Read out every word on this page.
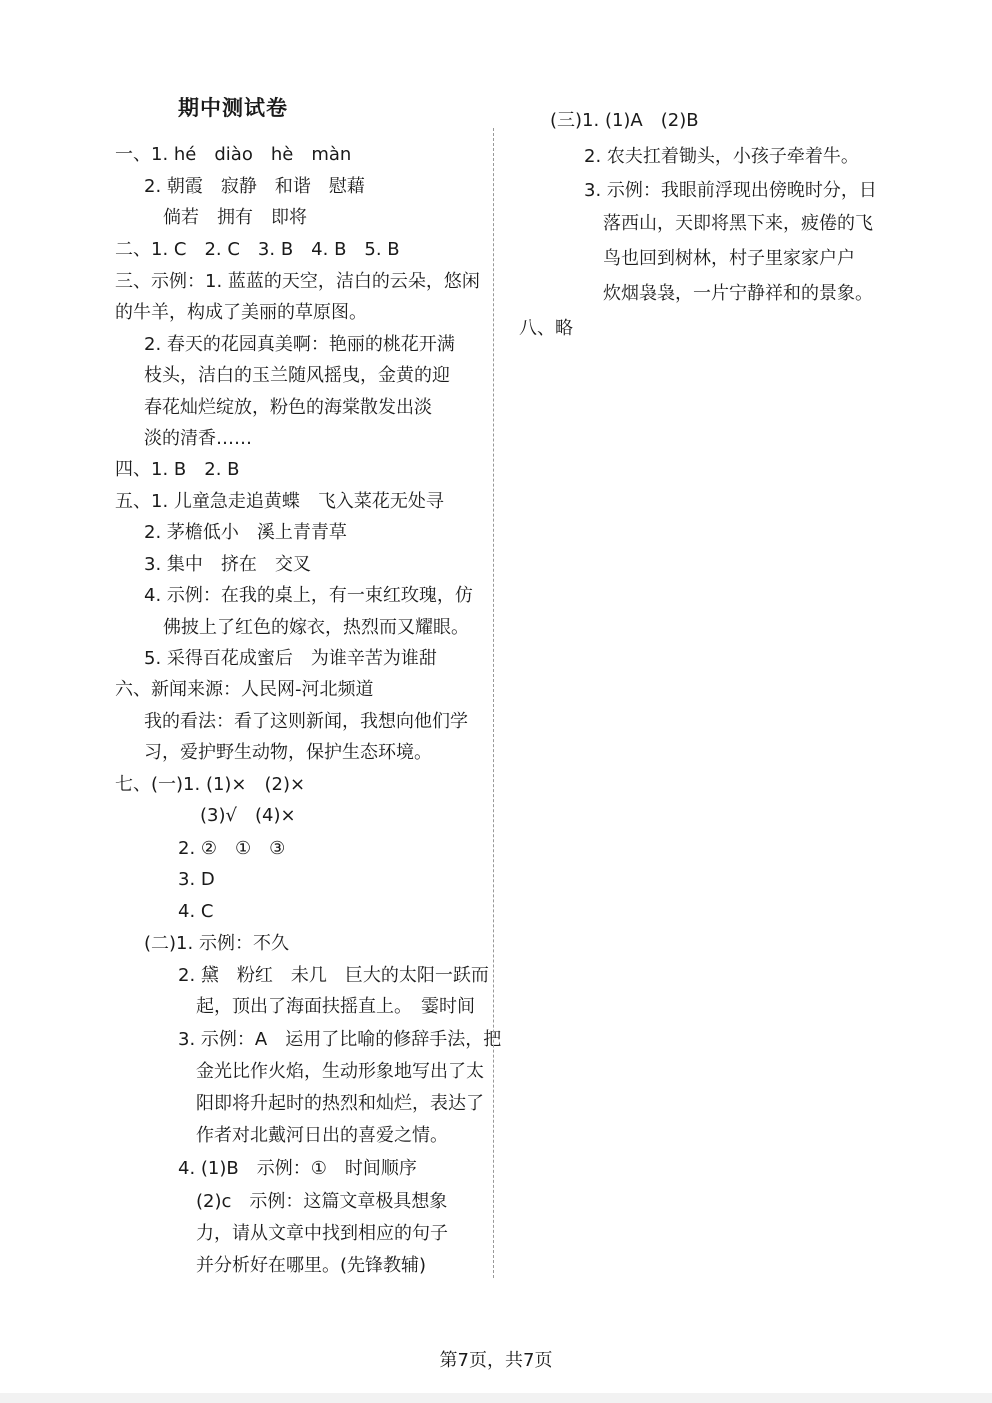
期中测试卷
一、1. hé　diào　hè　màn
2. 朝霞　寂静　和谐　慰藉
倘若　拥有　即将
二、1. C　2. C　3. B　4. B　5. B
三、示例：1. 蓝蓝的天空，洁白的云朵，悠闲
的牛羊，构成了美丽的草原图。
2. 春天的花园真美啊：艳丽的桃花开满
枝头，洁白的玉兰随风摇曳，金黄的迎
春花灿烂绽放，粉色的海棠散发出淡
淡的清香……
四、1. B　2. B
五、1. 儿童急走追黄蝶　飞入菜花无处寻
2. 茅檐低小　溪上青青草
3. 集中　挤在　交叉
4. 示例：在我的桌上，有一束红玫瑰，仿
佛披上了红色的嫁衣，热烈而又耀眼。
5. 采得百花成蜜后　为谁辛苦为谁甜
六、新闻来源：人民网-河北频道
我的看法：看了这则新闻，我想向他们学
习，爱护野生动物，保护生态环境。
七、(一)1. (1)×　(2)×
(3)√　(4)×
2. ②　①　③
3. D
4. C
(二)1. 示例：不久
2. 黛　粉红　未几　巨大的太阳一跃而
起，顶出了海面扶摇直上。　霎时间
3. 示例：A　运用了比喻的修辞手法，把
金光比作火焰，生动形象地写出了太
阳即将升起时的热烈和灿烂，表达了
作者对北戴河日出的喜爱之情。
4. (1)B　示例：①　时间顺序
(2)c　示例：这篇文章极具想象
力，请从文章中找到相应的句子
并分析好在哪里。(先锋教辅)
(三)1. (1)A　(2)B
2. 农夫扛着锄头，小孩子牵着牛。
3. 示例：我眼前浮现出傍晚时分，日
落西山，天即将黑下来，疲倦的飞
鸟也回到树林，村子里家家户户
炊烟袅袅，一片宁静祥和的景象。
八、略
第7页，共7页
